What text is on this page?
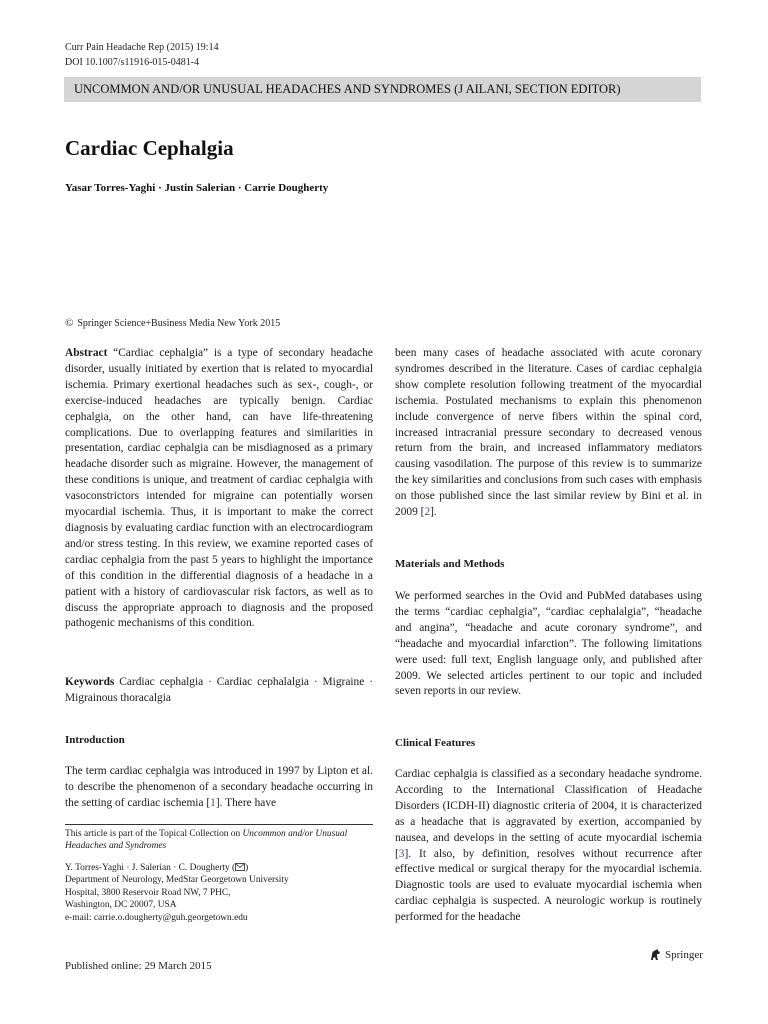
Curr Pain Headache Rep (2015) 19:14
DOI 10.1007/s11916-015-0481-4
UNCOMMON AND/OR UNUSUAL HEADACHES AND SYNDROMES (J AILANI, SECTION EDITOR)
Cardiac Cephalgia
Yasar Torres-Yaghi · Justin Salerian · Carrie Dougherty
© Springer Science+Business Media New York 2015

Abstract “Cardiac cephalgia” is a type of secondary headache disorder, usually initiated by exertion that is related to myocardial ischemia. Primary exertional headaches such as sex-, cough-, or exercise-induced headaches are typically benign. Cardiac cephalgia, on the other hand, can have life-threatening complications. Due to overlapping features and similarities in presentation, cardiac cephalgia can be misdiagnosed as a primary headache disorder such as migraine. However, the management of these conditions is unique, and treatment of cardiac cephalgia with vasoconstrictors intended for migraine can potentially worsen myocardial ischemia. Thus, it is important to make the correct diagnosis by evaluating cardiac function with an electrocardiogram and/or stress testing. In this review, we examine reported cases of cardiac cephalgia from the past 5 years to highlight the importance of this condition in the differential diagnosis of a headache in a patient with a history of cardiovascular risk factors, as well as to discuss the appropriate approach to diagnosis and the proposed pathogenic mechanisms of this condition.

Keywords Cardiac cephalgia · Cardiac cephalalgia · Migraine · Migrainous thoracalgia

Introduction

The term cardiac cephalgia was introduced in 1997 by Lipton et al. to describe the phenomenon of a secondary headache occurring in the setting of cardiac ischemia [1]. There have

This article is part of the Topical Collection on Uncommon and/or Unusual Headaches and Syndromes
Y. Torres-Yaghi · J. Salerian · C. Dougherty ( )
Department of Neurology, MedStar Georgetown University
Hospital, 3800 Reservoir Road NW, 7 PHC,
Washington, DC 20007, USA
e-mail: carrie.o.dougherty@guh.georgetown.edu

been many cases of headache associated with acute coronary syndromes described in the literature. Cases of cardiac cephalgia show complete resolution following treatment of the myocardial ischemia. Postulated mechanisms to explain this phenomenon include convergence of nerve fibers within the spinal cord, increased intracranial pressure secondary to decreased venous return from the brain, and increased inflammatory mediators causing vasodilation. The purpose of this review is to summarize the key similarities and conclusions from such cases with emphasis on those published since the last similar review by Bini et al. in 2009 [2].

Materials and Methods

We performed searches in the Ovid and PubMed databases using the terms “cardiac cephalgia”, “cardiac cephalalgia”, “headache and angina”, “headache and acute coronary syndrome”, and “headache and myocardial infarction”. The following limitations were used: full text, English language only, and published after 2009. We selected articles pertinent to our topic and included seven reports in our review.

Clinical Features

Cardiac cephalgia is classified as a secondary headache syndrome. According to the International Classification of Headache Disorders (ICDH-II) diagnostic criteria of 2004, it is characterized as a headache that is aggravated by exertion, accompanied by nausea, and develops in the setting of acute myocardial ischemia [3]. It also, by definition, resolves without recurrence after effective medical or surgical therapy for the myocardial ischemia. Diagnostic tools are used to evaluate myocardial ischemia when cardiac cephalgia is suspected. A neurologic workup is routinely performed for the headache

Published online: 29 March 2015
Springer
